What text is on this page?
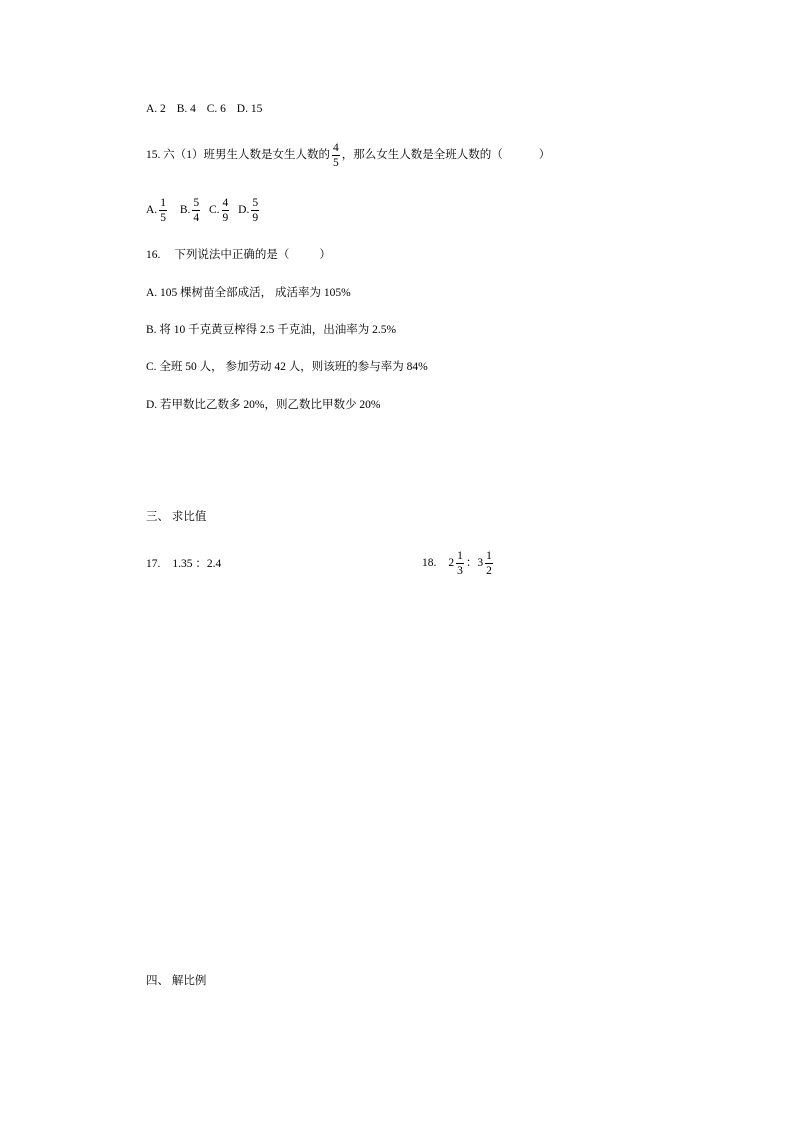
A. 2 B. 4 C. 6 D. 15
15. 六（1）班男生人数是女生人数的 $\frac{4}{5}$ ，那么女生人数是全班人数的（	）
A. $\frac{1}{5} B$. $\frac{5}{4} C$. $\frac{4}{9} D$. $\frac{5}{9}$
16. 下列说法中正确的是（	）
A. 105 棵树苗全部成活， 成活率为 105%
B. 将 10 千克黄豆榨得 2.5 千克油，出油率为 2.5%
C. 全班 50 人， 参加劳动 42 人，则该班的参与率为 84%
D. 若甲数比乙数多 20%，则乙数比甲数少 20%
三、 求比值
17. 1.35 ：2.4	18. $2 \frac{1}{3}$ ： $3 \frac{1}{2}$
四、 解比例
